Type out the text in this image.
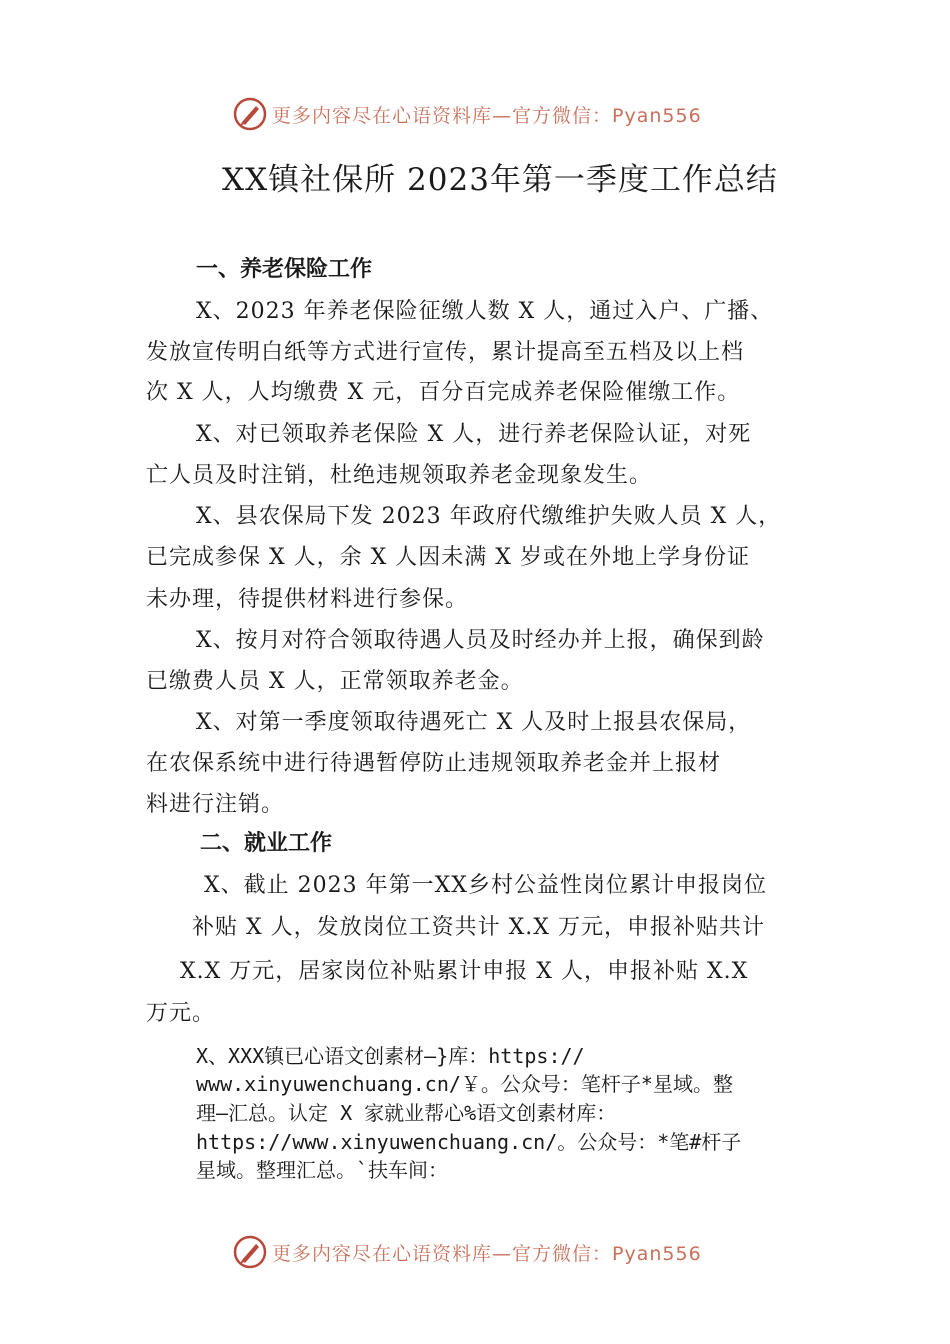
更多内容尽在心语资料库—官方微信：Pyan556
XX镇社保所 2023年第一季度工作总结
一、养老保险工作
X、2023 年养老保险征缴人数 X 人，通过入户、广播、
发放宣传明白纸等方式进行宣传，累计提高至五档及以上档
次 X 人，人均缴费 X 元，百分百完成养老保险催缴工作。
X、对已领取养老保险 X 人，进行养老保险认证，对死
亡人员及时注销，杜绝违规领取养老金现象发生。
X、县农保局下发 2023 年政府代缴维护失败人员 X 人，
已完成参保 X 人，余 X 人因未满 X 岁或在外地上学身份证
未办理，待提供材料进行参保。
X、按月对符合领取待遇人员及时经办并上报，确保到龄
已缴费人员 X 人，正常领取养老金。
X、对第一季度领取待遇死亡 X 人及时上报县农保局，
在农保系统中进行待遇暂停防止违规领取养老金并上报材
料进行注销。
二、就业工作
X、截止 2023 年第一XX乡村公益性岗位累计申报岗位
补贴 X 人，发放岗位工资共计 X.X 万元，申报补贴共计
X.X 万元，居家岗位补贴累计申报 X 人，申报补贴 X.X
万元。
X、XXX镇已心语文创素材—}库：https://
www.xinyuwenchuang.cn/￥。公众号：笔杆子*星域。整
理—汇总。认定 X 家就业帮心%语文创素材库：
https://www.xinyuwenchuang.cn/。公众号：*笔#杆子
星域。整理汇总。`扶车间：
更多内容尽在心语资料库—官方微信：Pyan556
